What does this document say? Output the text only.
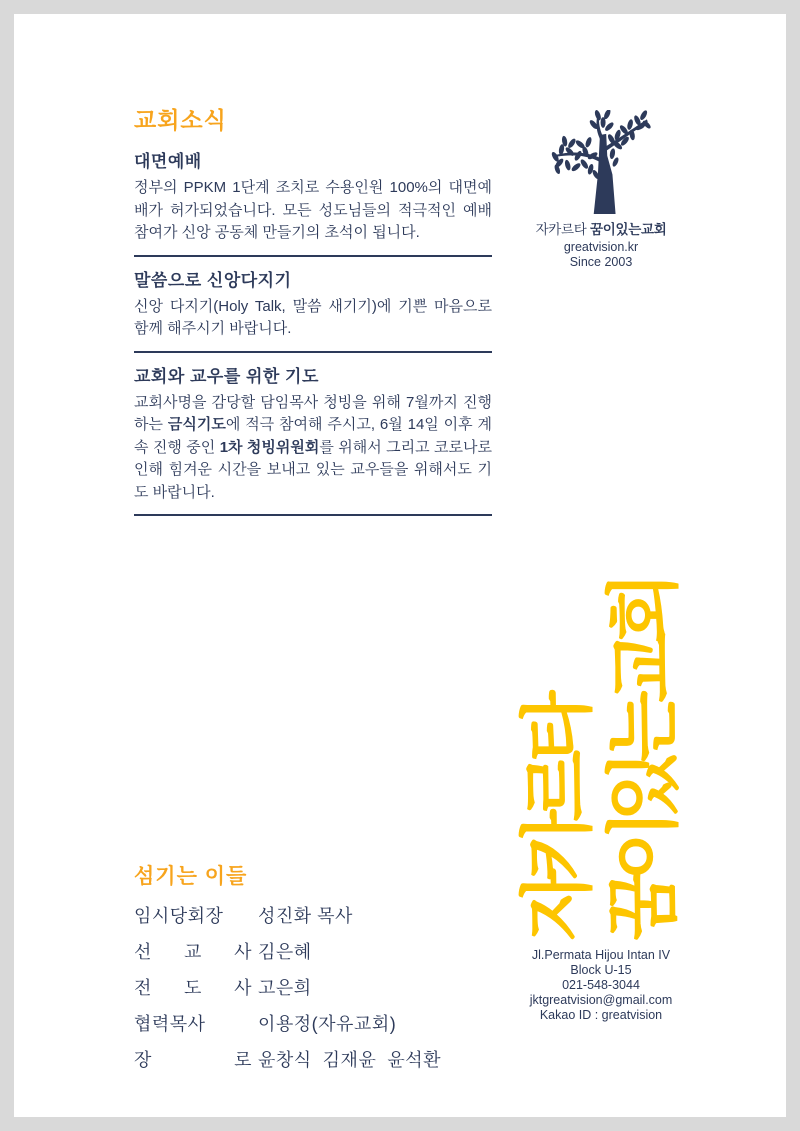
교회소식
대면예배

정부의 PPKM 1단계 조치로 수용인원 100%의 대면예배가 허가되었습니다. 모든 성도님들의 적극적인 예배 참여가 신앙 공동체 만들기의 초석이 됩니다.

말씀으로 신앙다지기

신앙 다지기(Holy Talk, 말씀 새기기)에 기쁜 마음으로 함께 해주시기 바랍니다.

교회와 교우를 위한 기도

교회사명을 감당할 담임목사 청빙을 위해 7월까지 진행하는 금식기도에 적극 참여해 주시고, 6월 14일 이후 계속 진행 중인 1차 청빙위원회를 위해서 그리고 코로나로 인해 힘겨운 시간을 보내고 있는 교우들을 위해서도 기도 바랍니다.

자카르타 꿈이있는교회
greatvision.kr
Since 2003
자카르타 꿈이있는교회
섬기는 이들
임시당회장 성진화 목사
선 교 사 김은혜
전 도 사 고은희
협력목사	이용정(자유교회)
장	로 윤창식  김재윤  윤석환
Jl.Permata Hijou Intan IV
Block U-15
021-548-3044
jktgreatvision@gmail.com
Kakao ID : greatvision
